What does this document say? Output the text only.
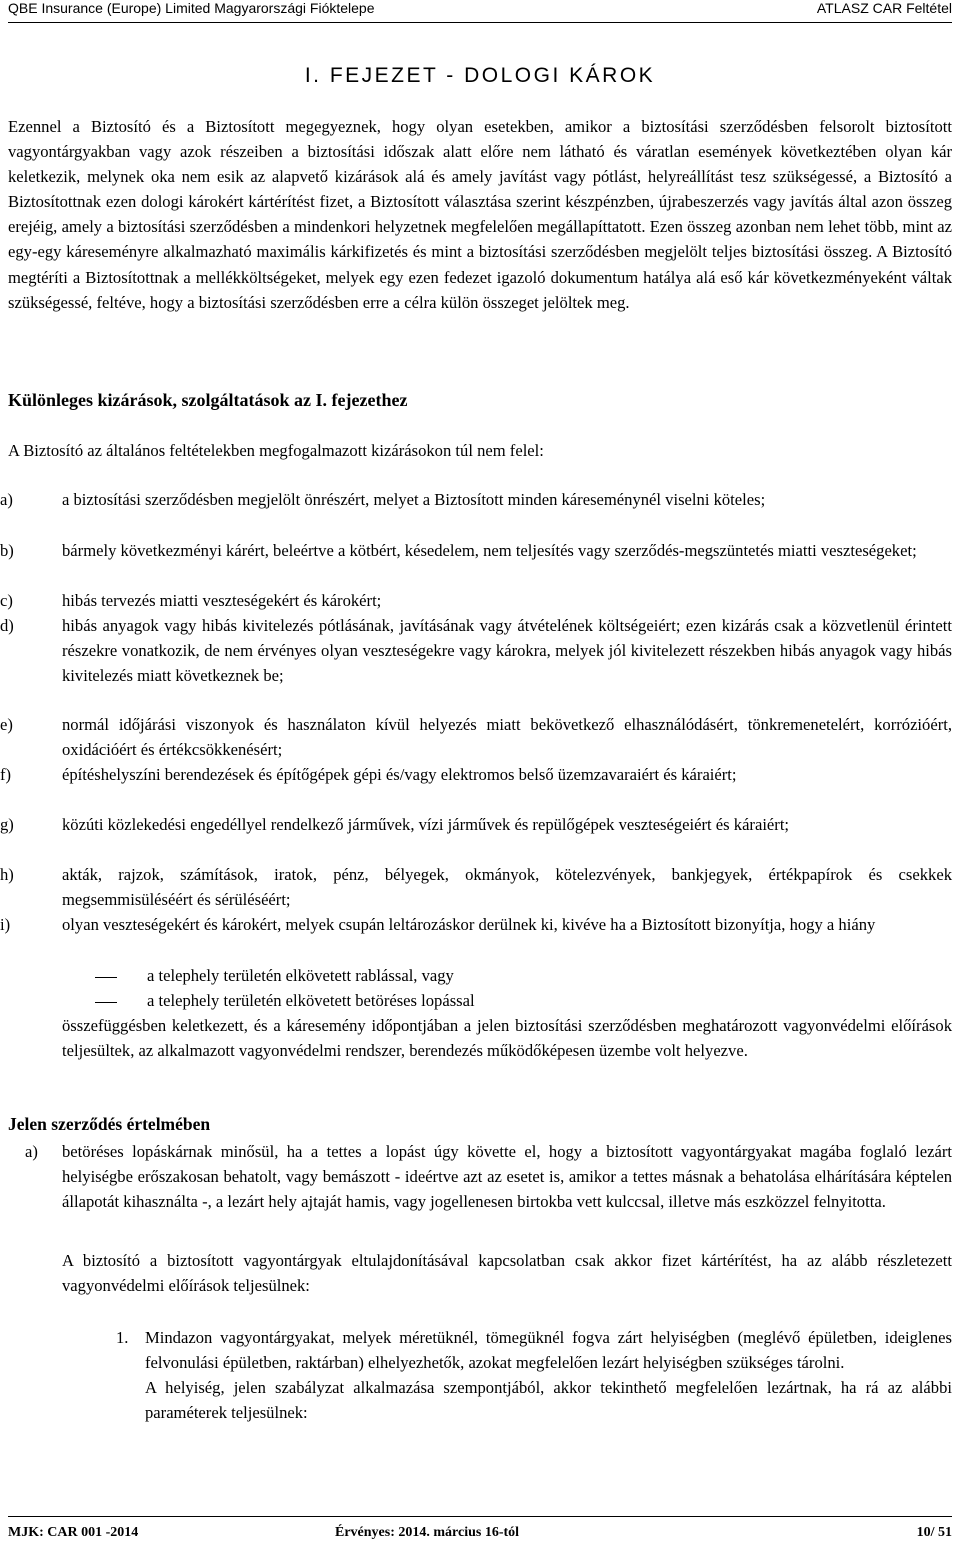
QBE Insurance (Europe) Limited Magyarországi Fióktelepe	ATLASZ CAR Feltétel
I. FEJEZET - DOLOGI KÁROK
Ezennel a Biztosító és a Biztosított megegyeznek, hogy olyan esetekben, amikor a biztosítási szerződésben felsorolt biztosított vagyontárgyakban vagy azok részeiben a biztosítási időszak alatt előre nem látható és váratlan események következtében olyan kár keletkezik, melynek oka nem esik az alapvető kizárások alá és amely javítást vagy pótlást, helyreállítást tesz szükségessé, a Biztosító a Biztosítottnak ezen dologi károkért kártérítést fizet, a Biztosított választása szerint készpénzben, újrabeszerzés vagy javítás által azon összeg erejéig, amely a biztosítási szerződésben a mindenkori helyzetnek megfelelően megállapíttatott. Ezen összeg azonban nem lehet több, mint az egy-egy káreseményre alkalmazható maximális kárkifizetés és mint a biztosítási szerződésben megjelölt teljes biztosítási összeg. A Biztosító megtéríti a Biztosítottnak a mellékköltségeket, melyek egy ezen fedezet igazoló dokumentum hatálya alá eső kár következményeként váltak szükségessé, feltéve, hogy a biztosítási szerződésben erre a célra külön összeget jelöltek meg.
Különleges kizárások, szolgáltatások az I. fejezethez
A Biztosító az általános feltételekben megfogalmazott kizárásokon túl nem felel:
a)	a biztosítási szerződésben megjelölt önrészért, melyet a Biztosított minden káreseménynél viselni köteles;
b)	bármely következményi kárért, beleértve a kötbért, késedelem, nem teljesítés vagy szerződés-megszüntetés miatti veszteségeket;
c)	hibás tervezés miatti veszteségekért és károkért;
d)	hibás anyagok vagy hibás kivitelezés pótlásának, javításának vagy átvételének költségeiért; ezen kizárás csak a közvetlenül érintett részekre vonatkozik, de nem érvényes olyan veszteségekre vagy károkra, melyek jól kivitelezett részekben hibás anyagok vagy hibás kivitelezés miatt következnek be;
e)	normál időjárási viszonyok és használaton kívül helyezés miatt bekövetkező elhasználódásért, tönkremenetelért, korrózióért, oxidációért és értékcsökkenésért;
f)	építéshelyszíni berendezések és építőgépek gépi és/vagy elektromos belső üzemzavaraiért és káraiért;
g)	közúti közlekedési engedéllyel rendelkező járművek, vízi járművek és repülőgépek veszteségeiért és káraiért;
h)	akták, rajzok, számítások, iratok, pénz, bélyegek, okmányok, kötelezvények, bankjegyek, értékpapírok és csekkek megsemmisüléséért és sérüléséért;
i)	olyan veszteségekért és károkért, melyek csupán leltározáskor derülnek ki, kivéve ha a Biztosított bizonyítja, hogy a hiány
a telephely területén elkövetett rablással, vagy
a telephely területén elkövetett betöréses lopással
összefüggésben keletkezett, és a káresemény időpontjában a jelen biztosítási szerződésben meghatározott vagyonvédelmi előírások teljesültek, az alkalmazott vagyonvédelmi rendszer, berendezés működőképesen üzembe volt helyezve.
Jelen szerződés értelmében
a) betöréses lopáskárnak minősül, ha a tettes a lopást úgy követte el, hogy a biztosított vagyontárgyakat magába foglaló lezárt helyiségbe erőszakosan behatolt, vagy bemászott - ideértve azt az esetet is, amikor a tettes másnak a behatolása elhárítására képtelen állapotát kihasználta -, a lezárt hely ajtaját hamis, vagy jogellenesen birtokba vett kulccsal, illetve más eszközzel felnyitotta.
A biztosító a biztosított vagyontárgyak eltulajdonításával kapcsolatban csak akkor fizet kártérítést, ha az alább részletezett vagyonvédelmi előírások teljesülnek:
1. Mindazon vagyontárgyakat, melyek méretüknél, tömegüknél fogva zárt helyiségben (meglévő épületben, ideiglenes felvonulási épületben, raktárban) elhelyezhetők, azokat megfelelően lezárt helyiségben szükséges tárolni.
A helyiség, jelen szabályzat alkalmazása szempontjából, akkor tekinthető megfelelően lezártnak, ha rá az alábbi paraméterek teljesülnek:
MJK: CAR 001 -2014	Érvényes: 2014. március 16-tól	10/ 51
